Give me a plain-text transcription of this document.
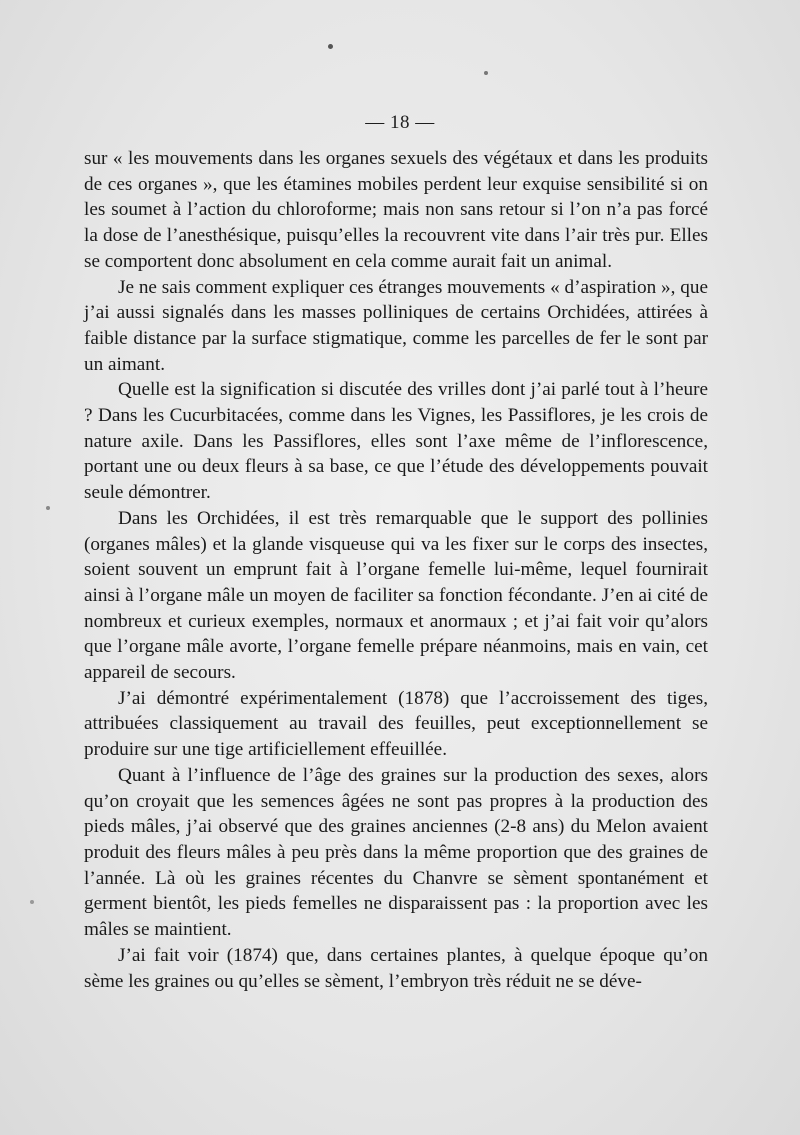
— 18 —

sur « les mouvements dans les organes sexuels des végétaux et dans les produits de ces organes », que les étamines mobiles perdent leur exquise sensibilité si on les soumet à l’action du chloroforme; mais non sans retour si l’on n’a pas forcé la dose de l’anesthésique, puisqu’elles la recouvrent vite dans l’air très pur. Elles se comportent donc absolument en cela comme aurait fait un animal.

Je ne sais comment expliquer ces étranges mouvements « d’aspiration », que j’ai aussi signalés dans les masses polliniques de certains Orchidées, attirées à faible distance par la surface stigmatique, comme les parcelles de fer le sont par un aimant.

Quelle est la signification si discutée des vrilles dont j’ai parlé tout à l’heure ? Dans les Cucurbitacées, comme dans les Vignes, les Passiflores, je les crois de nature axile. Dans les Passiflores, elles sont l’axe même de l’inflorescence, portant une ou deux fleurs à sa base, ce que l’étude des développements pouvait seule démontrer.

Dans les Orchidées, il est très remarquable que le support des pollinies (organes mâles) et la glande visqueuse qui va les fixer sur le corps des insectes, soient souvent un emprunt fait à l’organe femelle lui-même, lequel fournirait ainsi à l’organe mâle un moyen de faciliter sa fonction fécondante. J’en ai cité de nombreux et curieux exemples, normaux et anormaux ; et j’ai fait voir qu’alors que l’organe mâle avorte, l’organe femelle prépare néanmoins, mais en vain, cet appareil de secours.

J’ai démontré expérimentalement (1878) que l’accroissement des tiges, attribuées classiquement au travail des feuilles, peut exceptionnellement se produire sur une tige artificiellement effeuillée.

Quant à l’influence de l’âge des graines sur la production des sexes, alors qu’on croyait que les semences âgées ne sont pas propres à la production des pieds mâles, j’ai observé que des graines anciennes (2-8 ans) du Melon avaient produit des fleurs mâles à peu près dans la même proportion que des graines de l’année. Là où les graines récentes du Chanvre se sèment spontanément et germent bientôt, les pieds femelles ne disparaissent pas : la proportion avec les mâles se maintient.

J’ai fait voir (1874) que, dans certaines plantes, à quelque époque qu’on sème les graines ou qu’elles se sèment, l’embryon très réduit ne se déve-
